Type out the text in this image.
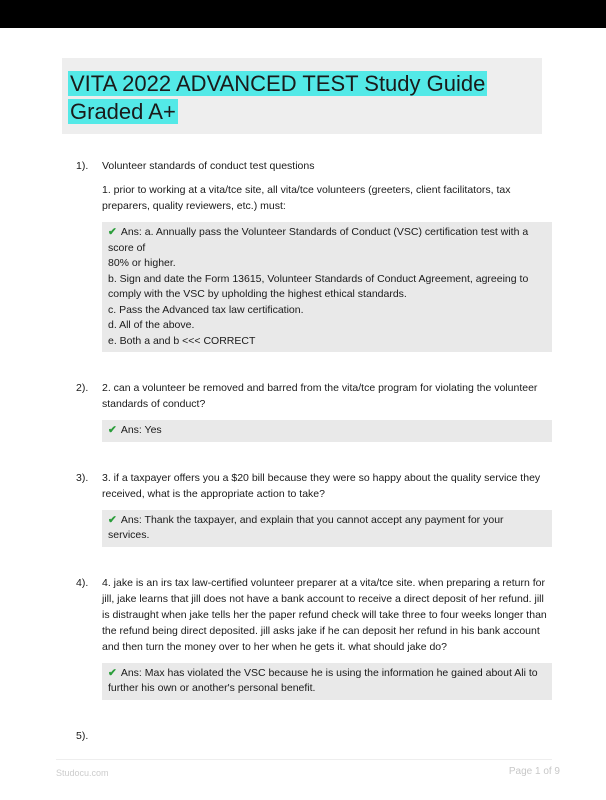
VITA 2022 ADVANCED TEST Study Guide Graded A+
1). Volunteer standards of conduct test questions

1. prior to working at a vita/tce site, all vita/tce volunteers (greeters, client facilitators, tax preparers, quality reviewers, etc.) must:

✔ Ans: a. Annually pass the Volunteer Standards of Conduct (VSC) certification test with a score of
80% or higher.
b. Sign and date the Form 13615, Volunteer Standards of Conduct Agreement, agreeing to comply with the VSC by upholding the highest ethical standards.
c. Pass the Advanced tax law certification.
d. All of the above.
e. Both a and b <<< CORRECT
2). 2. can a volunteer be removed and barred from the vita/tce program for violating the volunteer standards of conduct?

✔ Ans: Yes
3). 3. if a taxpayer offers you a $20 bill because they were so happy about the quality service they received, what is the appropriate action to take?

✔ Ans: Thank the taxpayer, and explain that you cannot accept any payment for your services.
4). 4. jake is an irs tax law-certified volunteer preparer at a vita/tce site. when preparing a return for jill, jake learns that jill does not have a bank account to receive a direct deposit of her refund. jill is distraught when jake tells her the paper refund check will take three to four weeks longer than the refund being direct deposited. jill asks jake if he can deposit her refund in his bank account and then turn the money over to her when he gets it. what should jake do?

✔ Ans: Max has violated the VSC because he is using the information he gained about Ali to further his own or another's personal benefit.
5).
Studocu.com	Page 1 of 9
